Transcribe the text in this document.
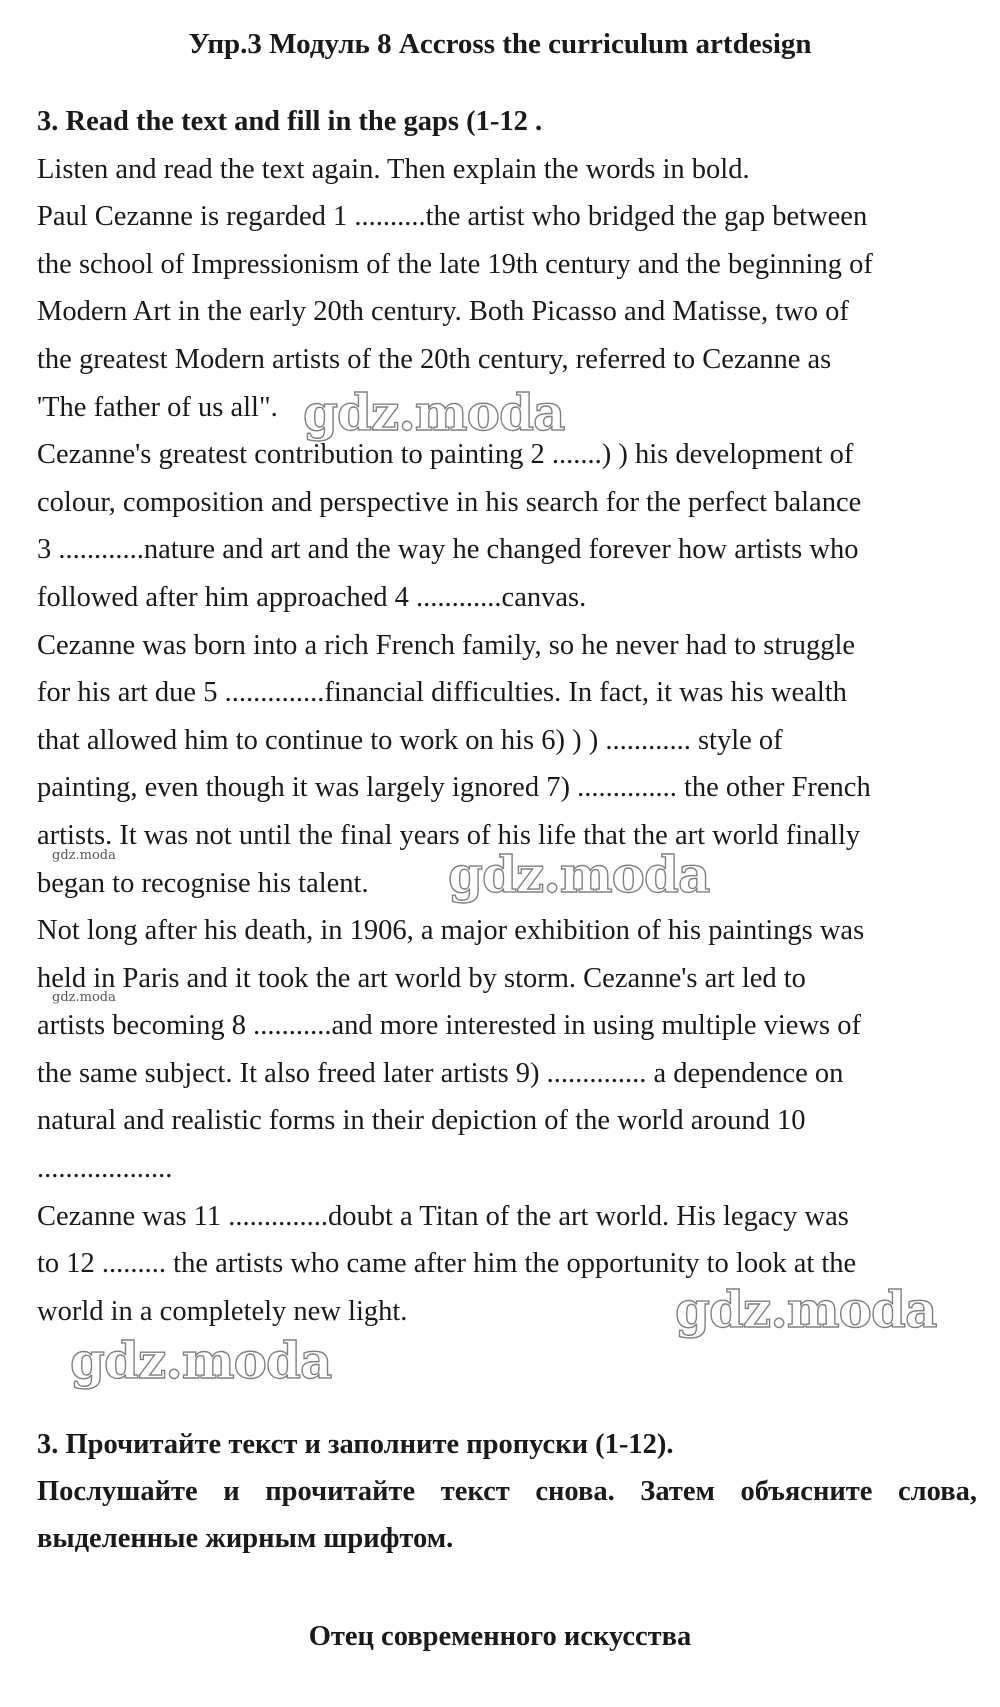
Упр.3 Модуль 8 Accross the curriculum artdesign

3. Read the text and fill in the gaps (1-12 .

Listen and read the text again. Then explain the words in bold.

Paul Cezanne is regarded 1 ..........the artist who bridged the gap between

the school of Impressionism of the late 19th century and the beginning of

Modern Art in the early 20th century. Both Picasso and Matisse, two of

the greatest Modern artists of the 20th century, referred to Cezanne as

'The father of us all".

Cezanne's greatest contribution to painting 2 .......) ) his development of

colour, composition and perspective in his search for the perfect balance

3 ............nature and art and the way he changed forever how artists who

followed after him approached 4 ............canvas.

Cezanne was born into a rich French family, so he never had to struggle

for his art due 5 ..............financial difficulties. In fact, it was his wealth

that allowed him to continue to work on his 6) ) ) ............ style of

painting, even though it was largely ignored 7) .............. the other French

artists. It was not until the final years of his life that the art world finally

began to recognise his talent.

Not long after his death, in 1906, a major exhibition of his paintings was

held in Paris and it took the art world by storm. Cezanne's art led to

artists becoming 8 ...........and more interested in using multiple views of

the same subject. It also freed later artists 9) .............. a dependence on

natural and realistic forms in their depiction of the world around 10

...................

Cezanne was 11 ..............doubt a Titan of the art world. His legacy was

to 12 ......... the artists who came after him the opportunity to look at the

world in a completely new light.

3. Прочитайте текст и заполните пропуски (1-12).

Послушайте и прочитайте текст снова. Затем объясните слова,

выделенные жирным шрифтом.

Отец современного искусства
gdz.moda
gdz.moda
gdz.moda
gdz.moda
gdz.moda
gdz.moda
